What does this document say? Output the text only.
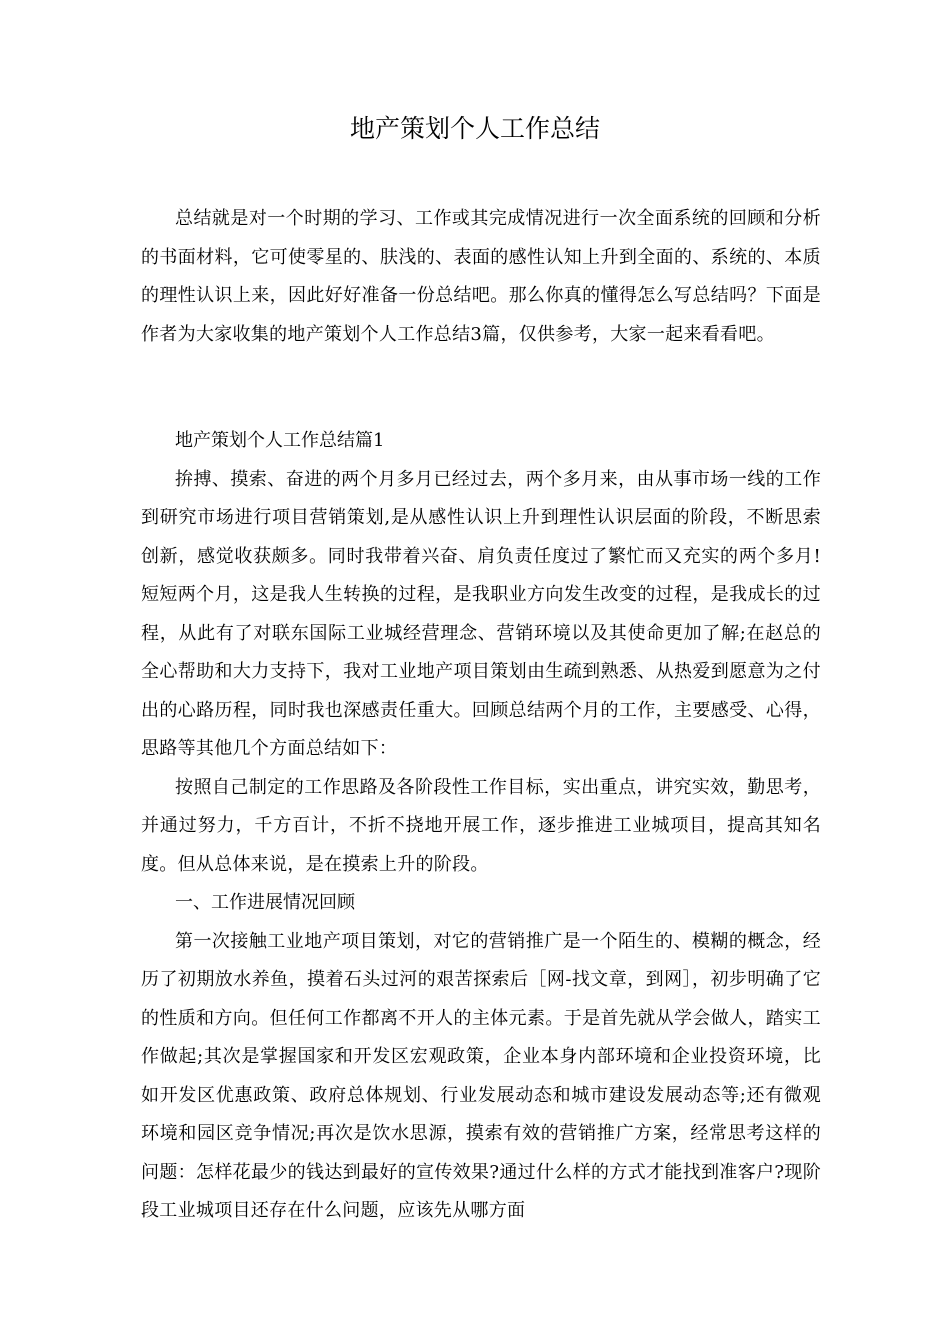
地产策划个人工作总结

总结就是对一个时期的学习、工作或其完成情况进行一次全面系统的回顾和分析的书面材料，它可使零星的、肤浅的、表面的感性认知上升到全面的、系统的、本质的理性认识上来，因此好好准备一份总结吧。那么你真的懂得怎么写总结吗？下面是作者为大家收集的地产策划个人工作总结3篇，仅供参考，大家一起来看看吧。

地产策划个人工作总结篇1

拚搏、摸索、奋进的两个月多月已经过去，两个多月来，由从事市场一线的工作到研究市场进行项目营销策划,是从感性认识上升到理性认识层面的阶段，不断思索创新，感觉收获颇多。同时我带着兴奋、肩负责任度过了繁忙而又充实的两个多月!短短两个月，这是我人生转换的过程，是我职业方向发生改变的过程，是我成长的过程，从此有了对联东国际工业城经营理念、营销环境以及其使命更加了解;在赵总的全心帮助和大力支持下，我对工业地产项目策划由生疏到熟悉、从热爱到愿意为之付出的心路历程，同时我也深感责任重大。回顾总结两个月的工作，主要感受、心得，思路等其他几个方面总结如下：

按照自己制定的工作思路及各阶段性工作目标，实出重点，讲究实效，勤思考，并通过努力，千方百计，不折不挠地开展工作，逐步推进工业城项目，提高其知名度。但从总体来说，是在摸索上升的阶段。

一、工作进展情况回顾

第一次接触工业地产项目策划，对它的营销推广是一个陌生的、模糊的概念，经历了初期放水养鱼，摸着石头过河的艰苦探索后［网-找文章，到网］，初步明确了它的性质和方向。但任何工作都离不开人的主体元素。于是首先就从学会做人，踏实工作做起;其次是掌握国家和开发区宏观政策，企业本身内部环境和企业投资环境，比如开发区优惠政策、政府总体规划、行业发展动态和城市建设发展动态等;还有微观环境和园区竞争情况;再次是饮水思源，摸索有效的营销推广方案，经常思考这样的问题：怎样花最少的钱达到最好的宣传效果?通过什么样的方式才能找到准客户?现阶段工业城项目还存在什么问题，应该先从哪方面
